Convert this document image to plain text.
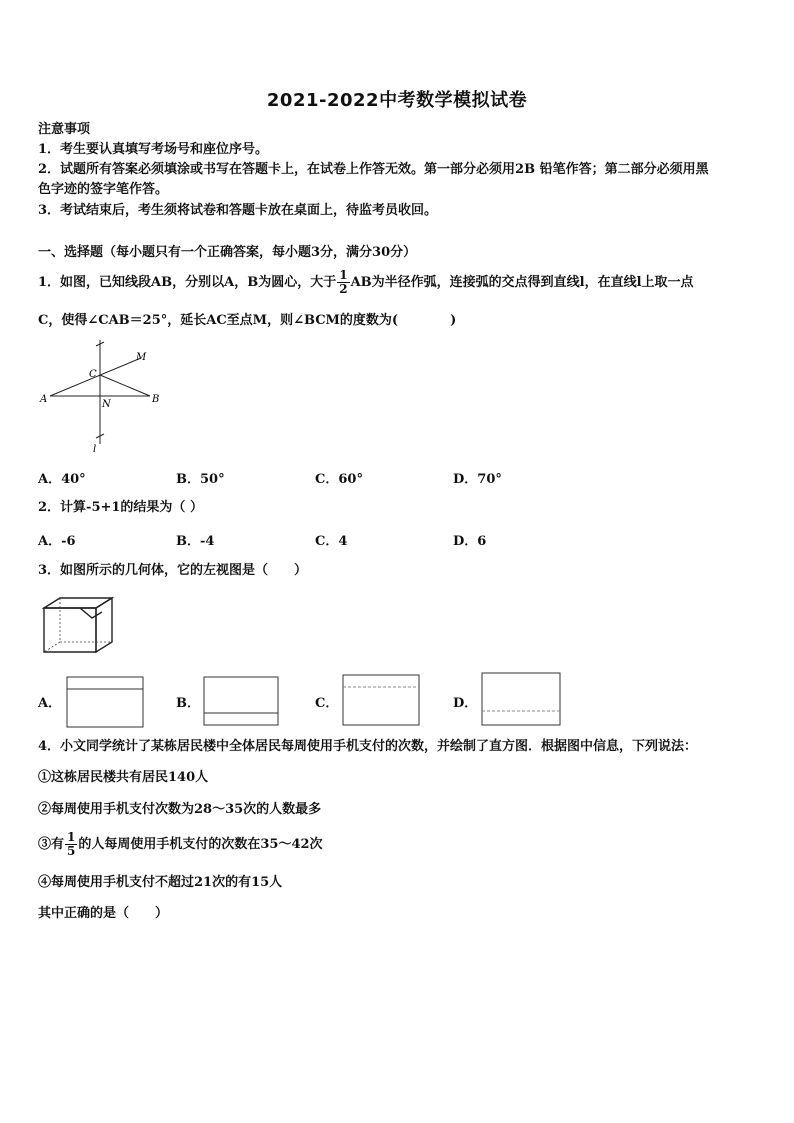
2021-2022中考数学模拟试卷
注意事项
1．考生要认真填写考场号和座位序号。
2．试题所有答案必须填涂或书写在答题卡上，在试卷上作答无效。第一部分必须用2B 铅笔作答；第二部分必须用黑
色字迹的签字笔作答。
3．考试结束后，考生须将试卷和答题卡放在桌面上，待监考员收回。
一、选择题（每小题只有一个正确答案，每小题3分，满分30分）
1．如图，已知线段AB，分别以A，B为圆心，大于 $\frac{1}{2}$ AB为半径作弧，连接弧的交点得到直线l，在直线l上取一点
C，使得∠CAB＝25°，延长AC至点M，则∠BCM的度数为(　　　　)
M
C
A	N	B
l
A．40°	B．50°	C．60°	D．70°
2．计算-5+1的结果为（ ）
A．-6	B．-4	C．4	D．6
3．如图所示的几何体，它的左视图是（　　）
A．	B．	C．	D．
4．小文同学统计了某栋居民楼中全体居民每周使用手机支付的次数，并绘制了直方图．根据图中信息，下列说法：
①这栋居民楼共有居民140人
②每周使用手机支付次数为28～35次的人数最多
③有 $\frac{1}{5}$ 的人每周使用手机支付的次数在35～42次
④每周使用手机支付不超过21次的有15人
其中正确的是（　　）
